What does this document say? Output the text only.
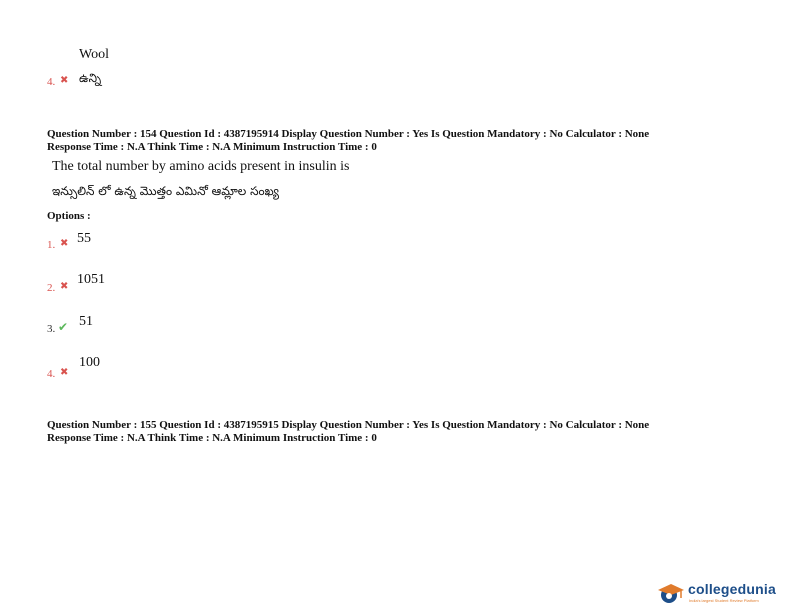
Wool
4. ✖ ఉన్ని
Question Number : 154 Question Id : 4387195914 Display Question Number : Yes Is Question Mandatory : No Calculator : None
Response Time : N.A Think Time : N.A Minimum Instruction Time : 0
The total number by amino acids present in insulin is
ఇన్సులిన్ లో ఉన్న మొత్తం ఎమినో ఆమ్లాల సంఖ్య
Options :
1. ✖ 55
2. ✖ 1051
3. ✔ 51
4. ✖
100
Question Number : 155 Question Id : 4387195915 Display Question Number : Yes Is Question Mandatory : No Calculator : None
Response Time : N.A Think Time : N.A Minimum Instruction Time : 0
collegedunia
India's largest Student Review Platform
